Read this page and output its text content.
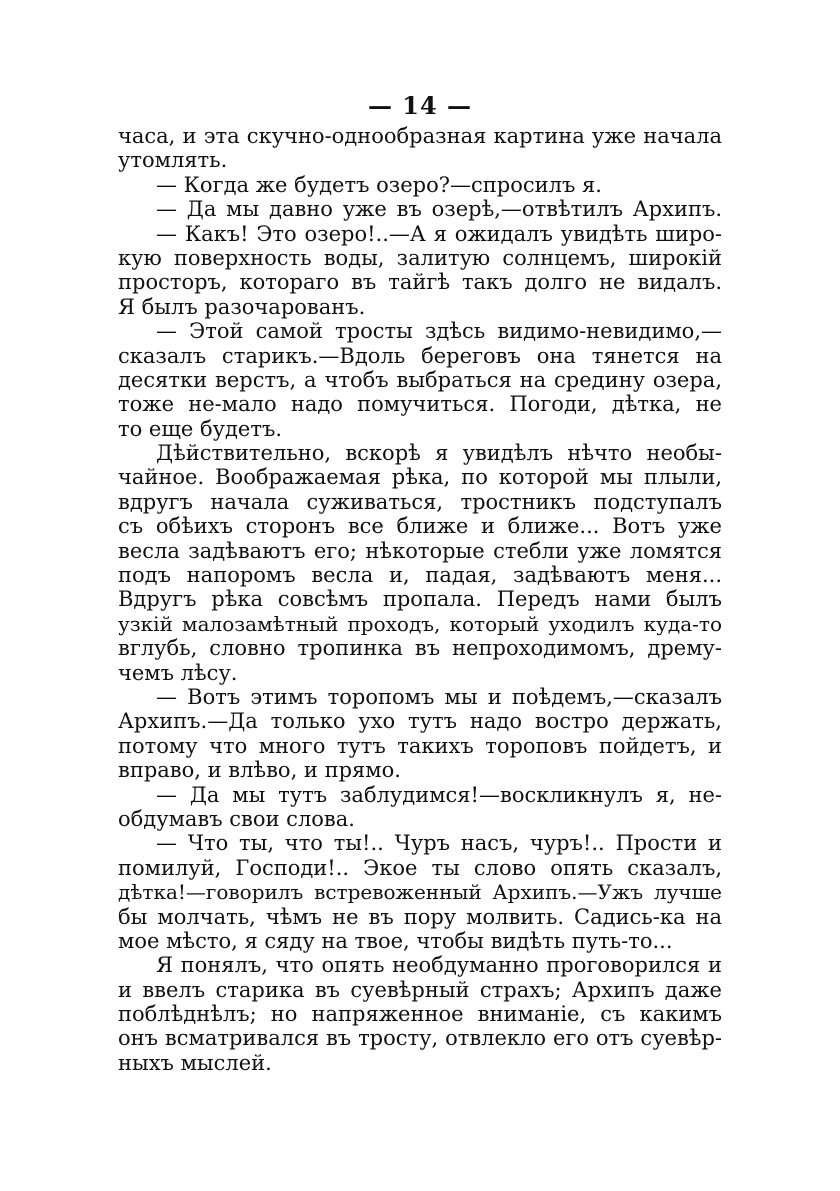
— 14 —
часа, и эта скучно-однообразная картина уже начала
утомлять.
— Когда же будетъ озеро?—спросилъ я.
— Да мы давно уже въ озерѣ,—отвѣтилъ Архипъ.
— Какъ! Это озеро!..—А я ожидалъ увидѣть широ-
кую поверхность воды, залитую солнцемъ, широкій
просторъ, котораго въ тайгѣ такъ долго не видалъ.
Я былъ разочарованъ.
— Этой самой тросты здѣсь видимо-невидимо,—
сказалъ старикъ.—Вдоль береговъ она тянется на
десятки верстъ, а чтобъ выбраться на средину озера,
тоже не-мало надо помучиться. Погоди, дѣтка, не
то еще будетъ.
Дѣйствительно, вскорѣ я увидѣлъ нѣчто необы-
чайное. Воображаемая рѣка, по которой мы плыли,
вдругъ начала суживаться, тростникъ подступалъ
съ обѣихъ сторонъ все ближе и ближе... Вотъ уже
весла задѣваютъ его; нѣкоторые стебли уже ломятся
подъ напоромъ весла и, падая, задѣваютъ меня...
Вдругъ рѣка совсѣмъ пропала. Передъ нами былъ
узкій малозамѣтный проходъ, который уходилъ куда-то
вглубь, словно тропинка въ непроходимомъ, дрему-
чемъ лѣсу.
— Вотъ этимъ торопомъ мы и поѣдемъ,—сказалъ
Архипъ.—Да только ухо тутъ надо востро держать,
потому что много тутъ такихъ тороповъ пойдетъ, и
вправо, и влѣво, и прямо.
— Да мы тутъ заблудимся!—воскликнулъ я, не-
обдумавъ свои слова.
— Что ты, что ты!.. Чуръ насъ, чуръ!.. Прости и
помилуй, Господи!.. Экое ты слово опять сказалъ,
дѣтка!—говорилъ встревоженный Архипъ.—Ужъ лучше
бы молчать, чѣмъ не въ пору молвить. Садись-ка на
мое мѣсто, я сяду на твое, чтобы видѣть путь-то...
Я понялъ, что опять необдуманно проговорился и
и ввелъ старика въ суевѣрный страхъ; Архипъ даже
поблѣднѣлъ; но напряженное вниманіе, съ какимъ
онъ всматривался въ тросту, отвлекло его отъ суевѣр-
ныхъ мыслей.
